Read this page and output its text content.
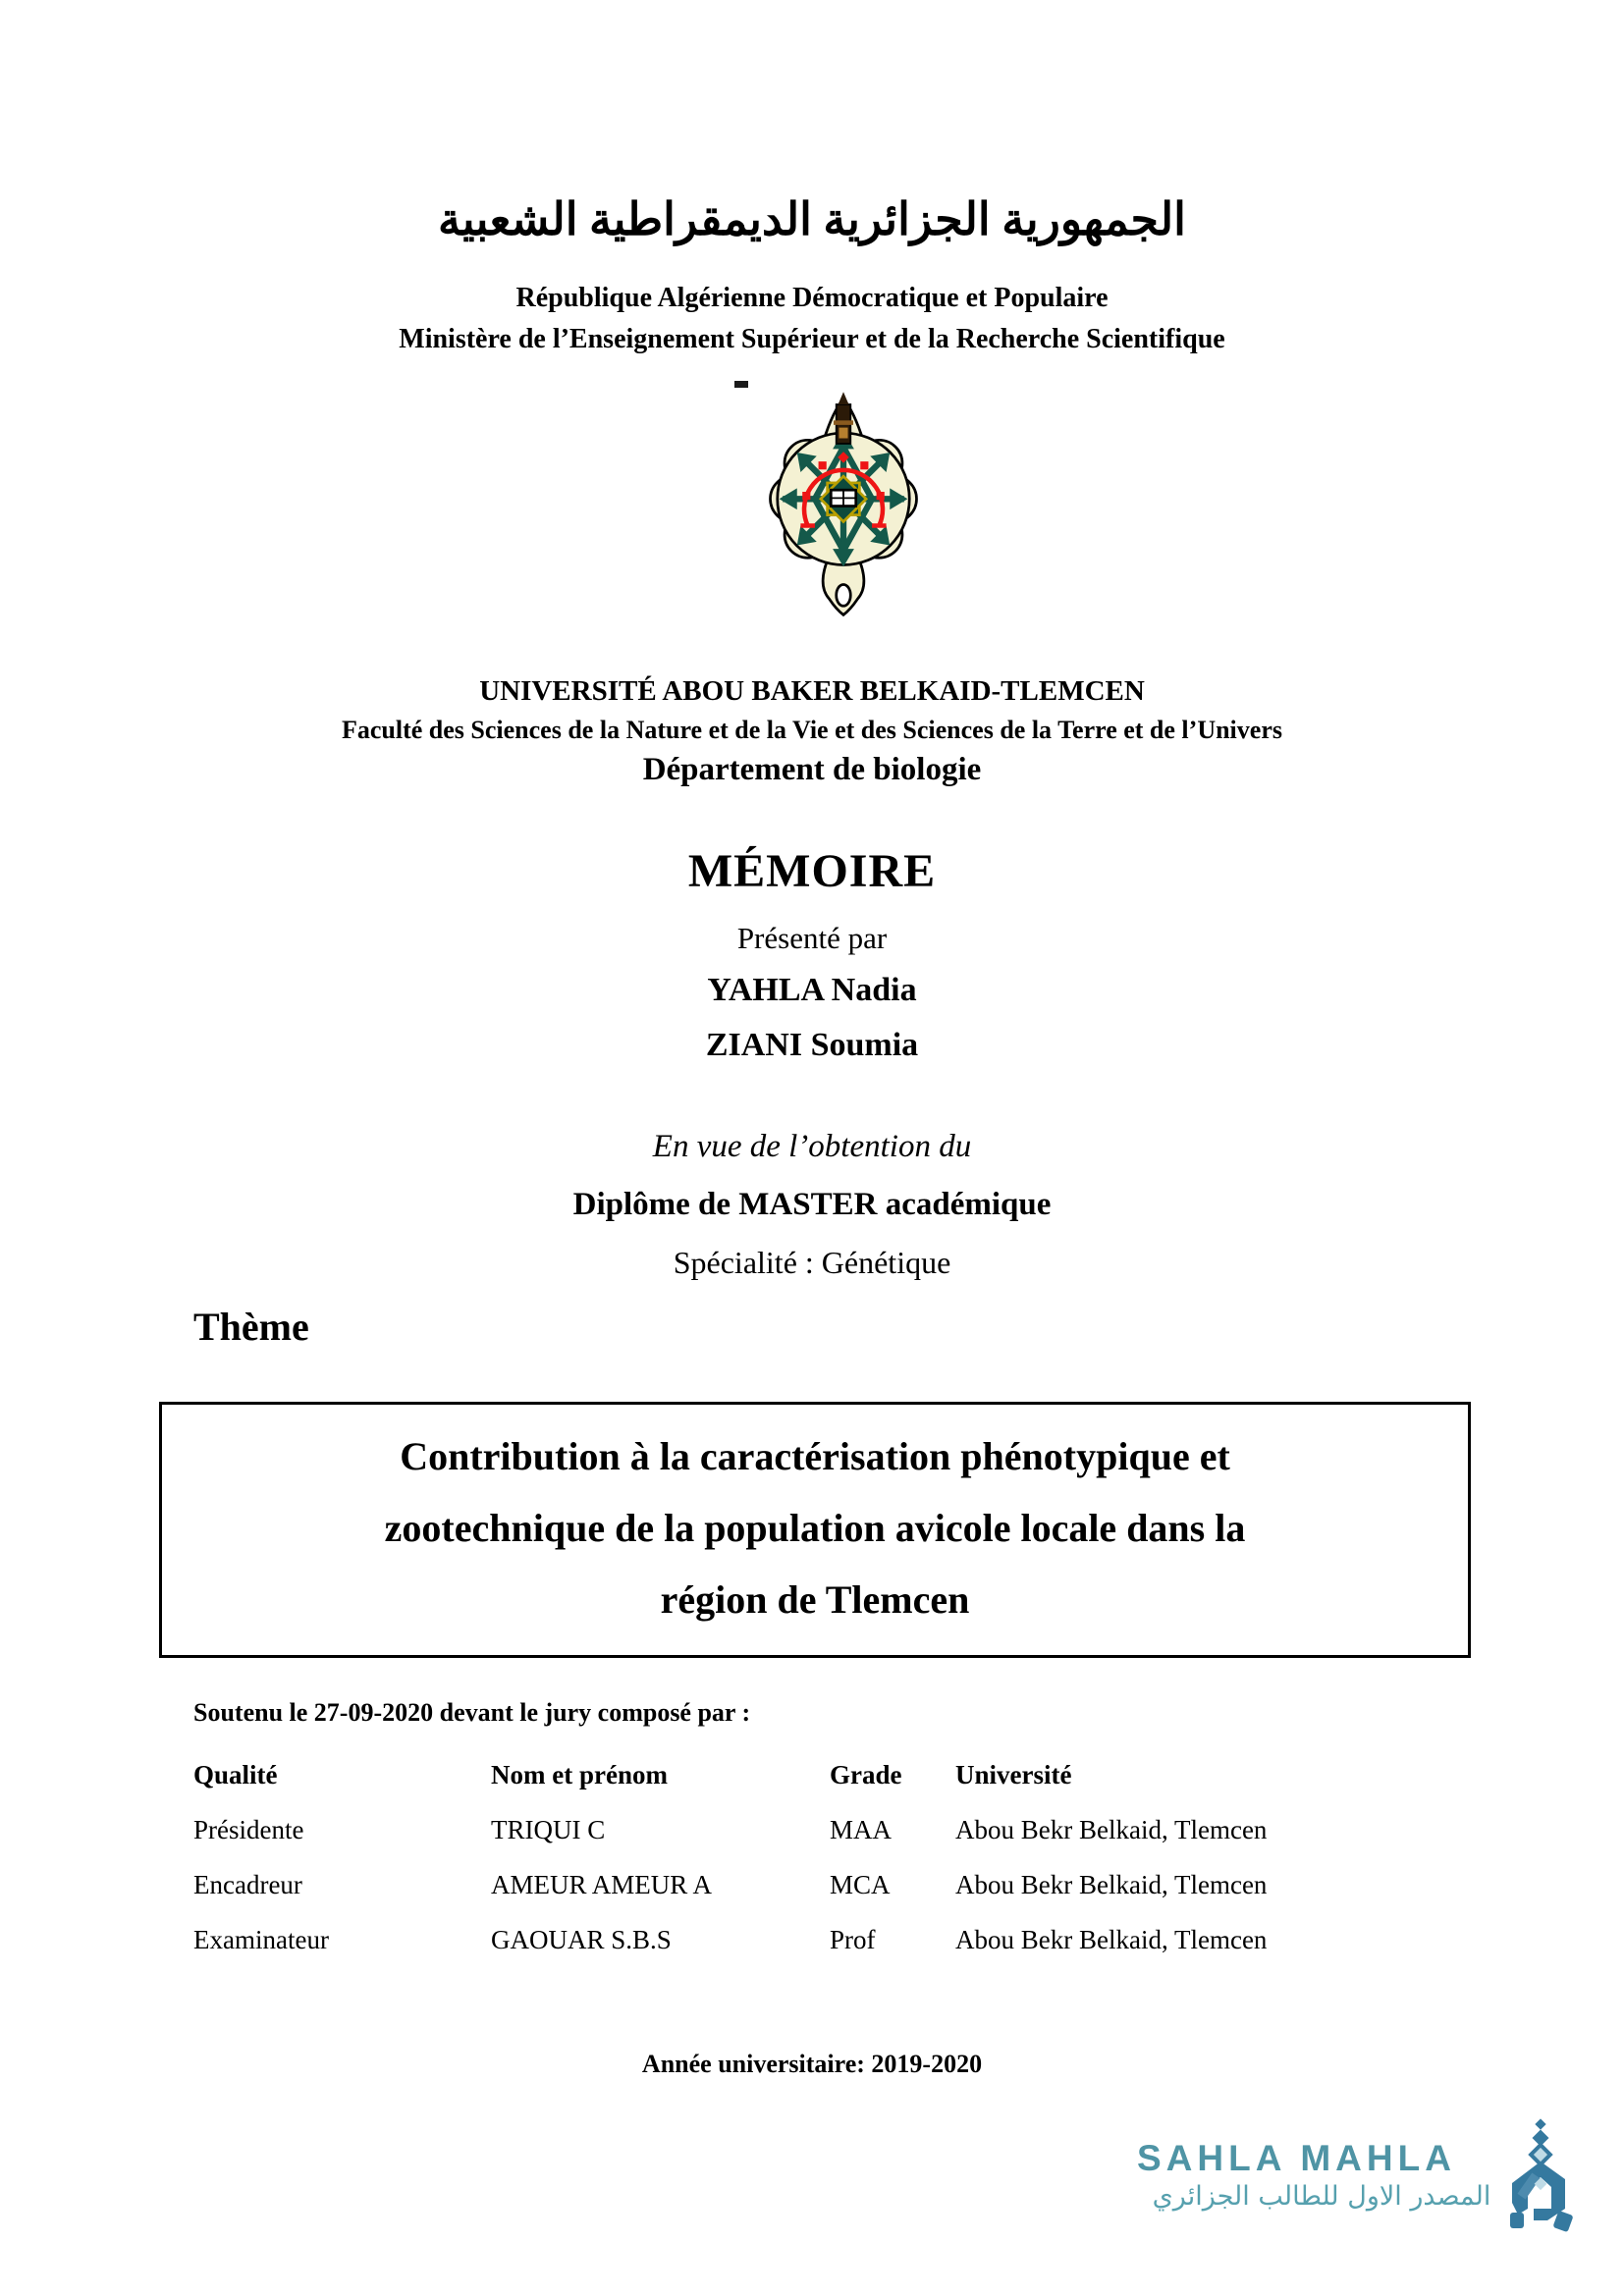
الجمهورية الجزائرية الديمقراطية الشعبية
République Algérienne Démocratique et Populaire
Ministère de l’Enseignement Supérieur et de la Recherche Scientifique
UNIVERSITÉ ABOU BAKER BELKAID-TLEMCEN
Faculté des Sciences de la Nature et de la Vie et des Sciences de la Terre et de l’Univers
Département de biologie
MÉMOIRE
Présenté par
YAHLA Nadia
ZIANI Soumia
En vue de l’obtention du
Diplôme de MASTER académique
Spécialité : Génétique
Thème
Contribution à la caractérisation phénotypique et
zootechnique de la population avicole locale dans la
région de Tlemcen
Soutenu le 27-09-2020 devant le jury composé par :
Qualité	Nom et prénom	Grade	Université
Présidente	TRIQUI C	MAA	Abou Bekr Belkaid, Tlemcen
Encadreur	AMEUR AMEUR A	MCA	Abou Bekr Belkaid, Tlemcen
Examinateur	GAOUAR S.B.S	Prof	Abou Bekr Belkaid, Tlemcen
Année universitaire: 2019-2020
SAHLA MAHLA
المصدر الاول للطالب الجزائري
